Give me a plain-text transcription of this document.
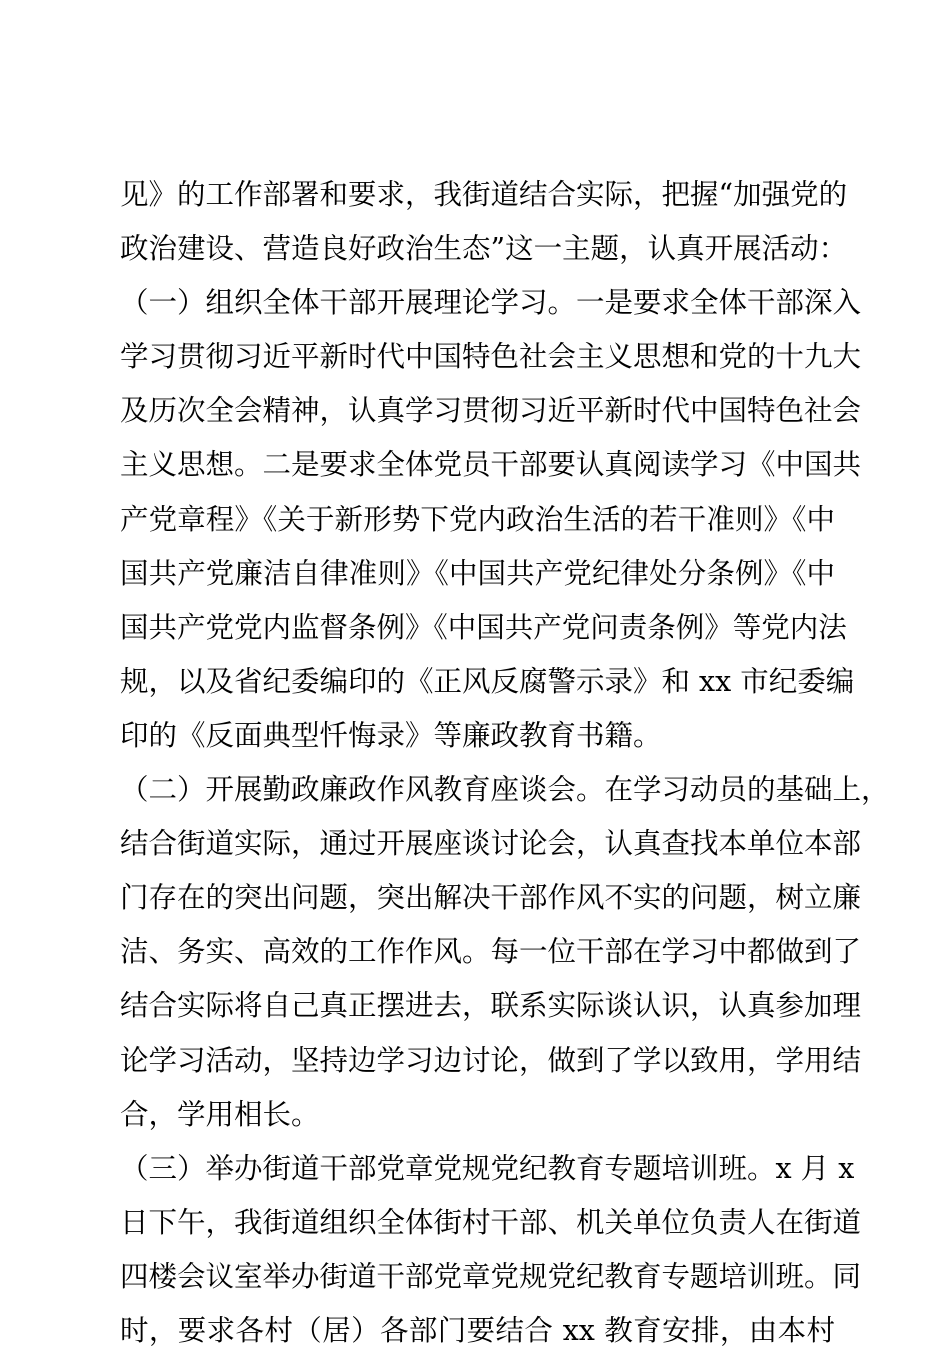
见》的工作部署和要求，我街道结合实际，把握“加强党的
政治建设、营造良好政治生态”这一主题，认真开展活动：
（一）组织全体干部开展理论学习。一是要求全体干部深入
学习贯彻习近平新时代中国特色社会主义思想和党的十九大
及历次全会精神，认真学习贯彻习近平新时代中国特色社会
主义思想。二是要求全体党员干部要认真阅读学习《中国共
产党章程》《关于新形势下党内政治生活的若干准则》《中
国共产党廉洁自律准则》《中国共产党纪律处分条例》《中
国共产党党内监督条例》《中国共产党问责条例》等党内法
规，以及省纪委编印的《正风反腐警示录》和 xx 市纪委编
印的《反面典型忏悔录》等廉政教育书籍。
（二）开展勤政廉政作风教育座谈会。在学习动员的基础上，
结合街道实际，通过开展座谈讨论会，认真查找本单位本部
门存在的突出问题，突出解决干部作风不实的问题，树立廉
洁、务实、高效的工作作风。每一位干部在学习中都做到了
结合实际将自己真正摆进去，联系实际谈认识，认真参加理
论学习活动，坚持边学习边讨论，做到了学以致用，学用结
合，学用相长。
（三）举办街道干部党章党规党纪教育专题培训班。x 月 x
日下午，我街道组织全体街村干部、机关单位负责人在街道
四楼会议室举办街道干部党章党规党纪教育专题培训班。同
时，要求各村（居）各部门要结合 xx 教育安排，由本村
